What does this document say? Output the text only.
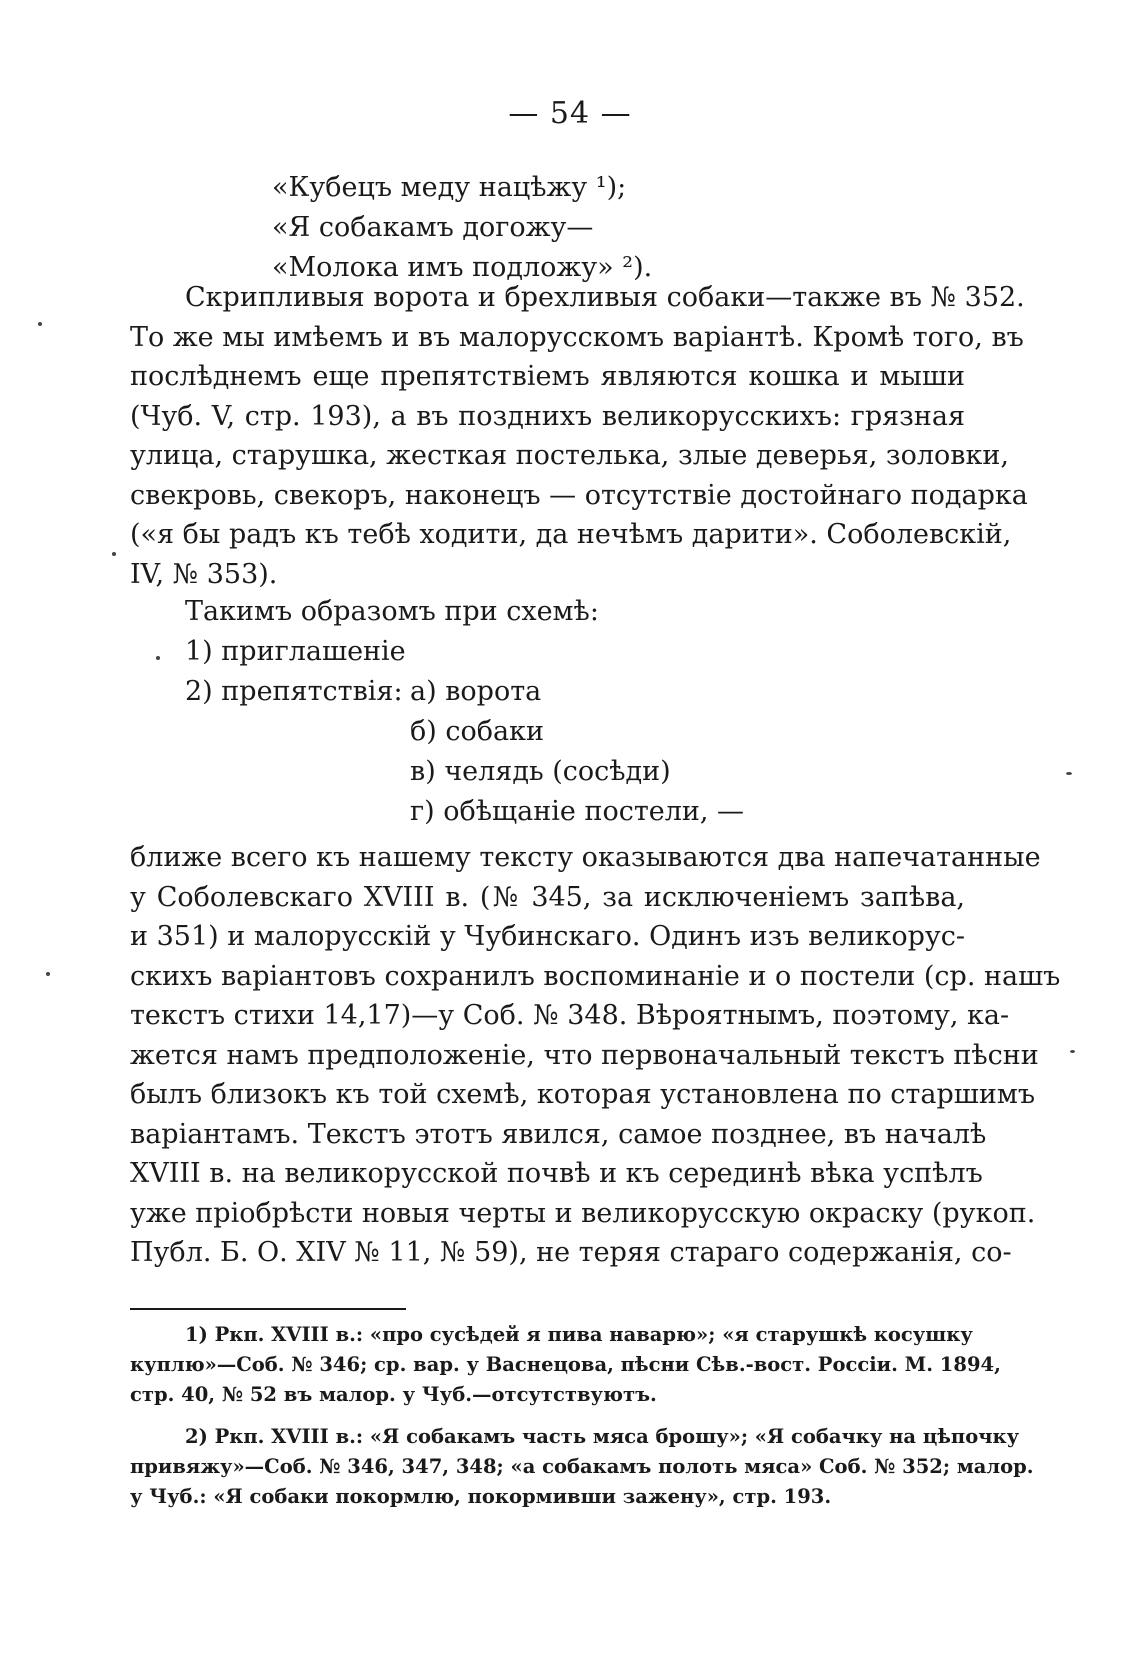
— 54 —
«Кубецъ меду нацѣжу ¹);
«Я собакамъ догожу—
«Молока имъ подложу» ²).
Скрипливыя ворота и брехливыя собаки—также въ № 352.
То же мы имѣемъ и въ малорусскомъ варіантѣ. Кромѣ того, въ
послѣднемъ еще препятствіемъ являются кошка и мыши
(Чуб. V, стр. 193), а въ позднихъ великорусскихъ: грязная
улица, старушка, жесткая постелька, злые деверья, золовки,
свекровь, свекоръ, наконецъ — отсутствіе достойнаго подарка
(«я бы радъ къ тебѣ ходити, да нечѣмъ дарити». Соболевскій,
IV, № 353).
Такимъ образомъ при схемѣ:
1) приглашеніе
2) препятствія: а) ворота
б) собаки
в) челядь (сосѣди)
г) обѣщаніе постели, —
ближе всего къ нашему тексту оказываются два напечатанные
у Соболевскаго XVIII в. (№ 345, за исключеніемъ запѣва,
и 351) и малорусскій у Чубинскаго. Одинъ изъ великорус-
скихъ варіантовъ сохранилъ воспоминаніе и о постели (ср. нашъ
текстъ стихи 14,17)—у Соб. № 348. Вѣроятнымъ, поэтому, ка-
жется намъ предположеніе, что первоначальный текстъ пѣсни
былъ близокъ къ той схемѣ, которая установлена по старшимъ
варіантамъ. Текстъ этотъ явился, самое позднее, въ началѣ
XVIII в. на великорусской почвѣ и къ серединѣ вѣка успѣлъ
уже пріобрѣсти новыя черты и великорусскую окраску (рукоп.
Публ. Б. О. XIV № 11, № 59), не теряя стараго содержанія, со-
1) Ркп. XVIII в.: «про сусѣдей я пива наварю»; «я старушкѣ косушку
куплю»—Соб. № 346; ср. вар. у Васнецова, пѣсни Сѣв.-вост. Россіи. М. 1894,
стр. 40, № 52 въ малор. у Чуб.—отсутствуютъ.
2) Ркп. XVIII в.: «Я собакамъ часть мяса брошу»; «Я собачку на цѣпочку
привяжу»—Соб. № 346, 347, 348; «а собакамъ полоть мяса» Соб. № 352; малор.
у Чуб.: «Я собаки покормлю, покормивши зажену», стр. 193.
